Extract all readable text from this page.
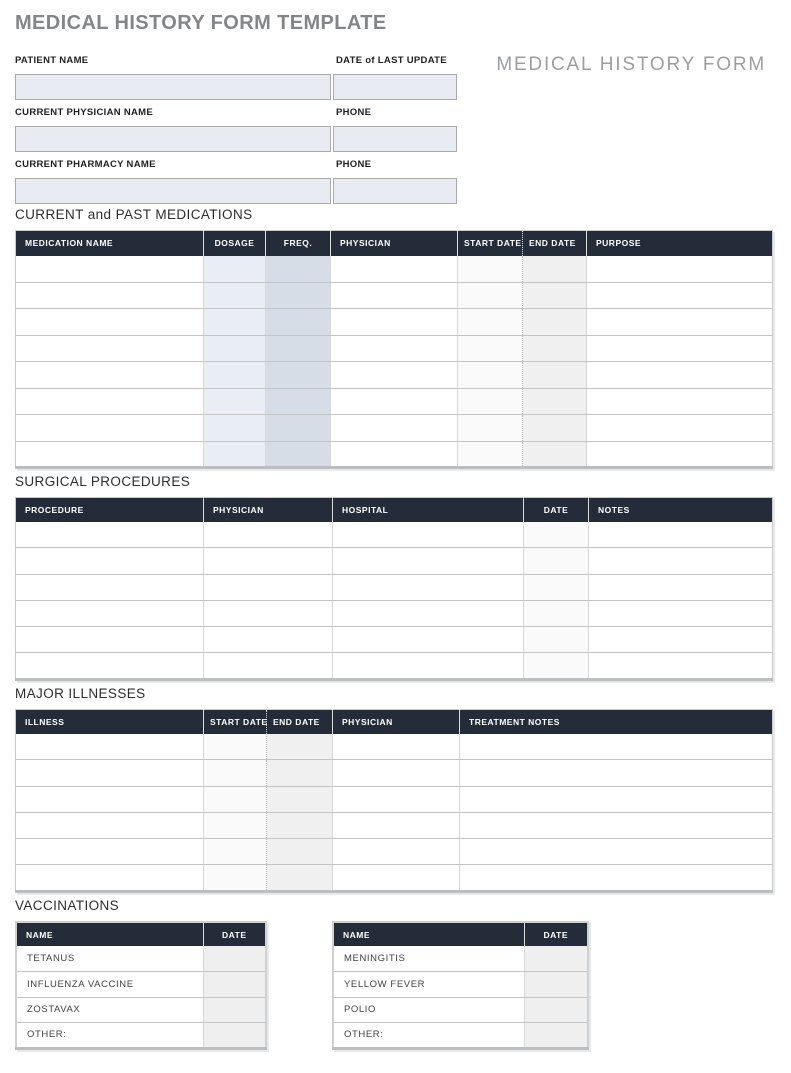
MEDICAL HISTORY FORM TEMPLATE
MEDICAL HISTORY FORM
PATIENT NAME	DATE of LAST UPDATE
CURRENT PHYSICIAN NAME	PHONE
CURRENT PHARMACY NAME	PHONE
CURRENT and PAST MEDICATIONS
MEDICATION NAME	DOSAGE	FREQ.	PHYSICIAN	START DATE	END DATE	PURPOSE

SURGICAL PROCEDURES
PROCEDURE	PHYSICIAN	HOSPITAL	DATE	NOTES

MAJOR ILLNESSES
ILLNESS	START DATE	END DATE	PHYSICIAN	TREATMENT NOTES

VACCINATIONS
NAME	DATE
TETANUS	
INFLUENZA VACCINE	
ZOSTAVAX	
OTHER:	
NAME	DATE
MENINGITIS	
YELLOW FEVER	
POLIO	
OTHER:	
